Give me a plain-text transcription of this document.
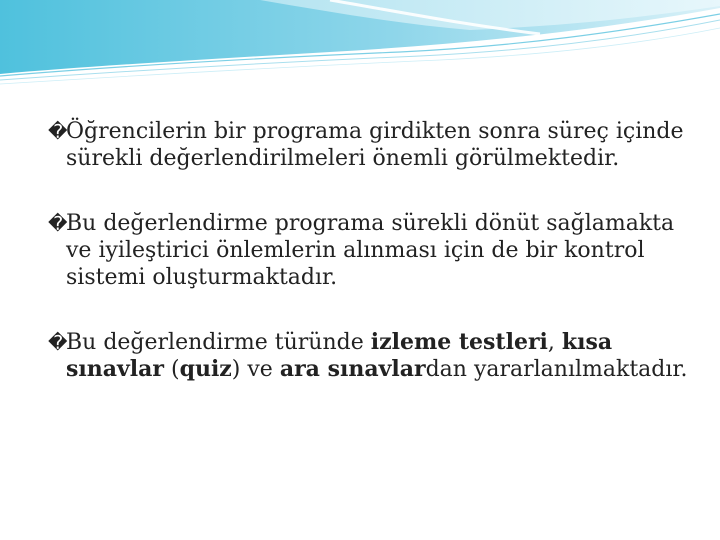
�
Öğrencilerin bir programa girdikten sonra süreç içinde sürekli değerlendirilmeleri önemli görülmektedir.

�
Bu değerlendirme programa sürekli dönüt sağlamakta ve iyileştirici önlemlerin alınması için de bir kontrol sistemi oluşturmaktadır.

�
Bu değerlendirme türünde izleme testleri, kısa sınavlar (quiz) ve ara sınavlardan yararlanılmaktadır.
